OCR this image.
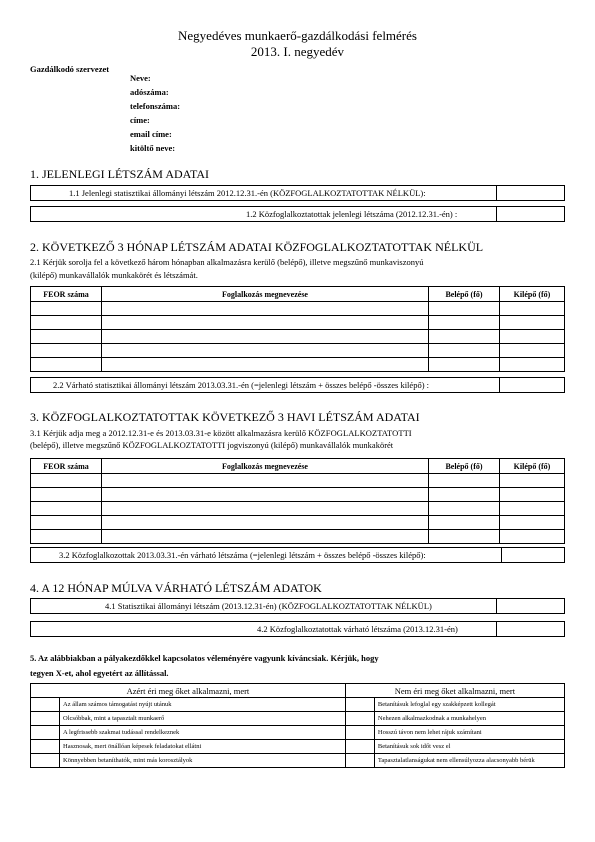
Negyedéves munkaerő-gazdálkodási felmérés
2013. I. negyedév
Gazdálkodó szervezet
Neve:
adószáma:
telefonszáma:
címe:
email címe:
kitöltő neve:
1. JELENLEGI LÉTSZÁM ADATAI
1.1 Jelenlegi statisztikai állományi létszám 2012.12.31.-én (KÖZFOGLALKOZTATOTTAK NÉLKÜL):
1.2 Közfoglalkoztatottak jelenlegi létszáma (2012.12.31.-én) :
2. KÖVETKEZŐ 3 HÓNAP LÉTSZÁM ADATAI KÖZFOGLALKOZTATOTTAK NÉLKÜL
2.1 Kérjük sorolja fel a következő három hónapban alkalmazásra kerülő (belépő), illetve megszűnő munkaviszonyú
(kilépő) munkavállalók munkakörét és létszámát.
FEOR száma	Foglalkozás megnevezése	Belépő (fő)	Kilépő (fő)

2.2 Várható statisztikai állományi létszám 2013.03.31.-én (=jelenlegi létszám + összes belépő -összes kilépő) :
3. KÖZFOGLALKOZTATOTTAK KÖVETKEZŐ 3 HAVI LÉTSZÁM ADATAI
3.1 Kérjük adja meg a 2012.12.31-e és 2013.03.31-e között alkalmazásra kerülő KÖZFOGLALKOZTATOTTI
(belépő), illetve megszűnő KÖZFOGLALKOZTATOTTI jogviszonyú (kilépő) munkavállalók munkakörét
FEOR száma	Foglalkozás megnevezése	Belépő (fő)	Kilépő (fő)

3.2 Közfoglalkozottak 2013.03.31.-én várható létszáma (=jelenlegi létszám + összes belépő -összes kilépő):
4. A 12 HÓNAP MÚLVA VÁRHATÓ LÉTSZÁM ADATOK
4.1 Statisztikai állományi létszám (2013.12.31-én) (KÖZFOGLALKOZTATOTTAK NÉLKÜL)
4.2 Közfoglalkoztatottak várható létszáma (2013.12.31-én)
5. Az alábbiakban a pályakezdőkkel kapcsolatos véleményére vagyunk kíváncsiak. Kérjük, hogy
tegyen X-et, ahol egyetért az állítással.
Azért éri meg őket alkalmazni, mert		Nem éri meg őket alkalmazni, mert	
	Az állam számos támogatást nyújt utánuk		Betanításuk lefoglal egy szakképzett kollegát
	Olcsóbbak, mint a tapasztalt munkaerő		Nehezen alkalmazkodnak a munkahelyen
	A legfrissebb szakmai tudással rendelkeznek		Hosszú távon nem lehet rájuk számítani
	Hasznosak, mert önállóan képesek feladatokat ellátni		Betanításuk sok időt vesz el
	Könnyebben betaníthatók, mint más korosztályok		Tapasztalatlanságukat nem ellensúlyozza alacsonyabb bérük
